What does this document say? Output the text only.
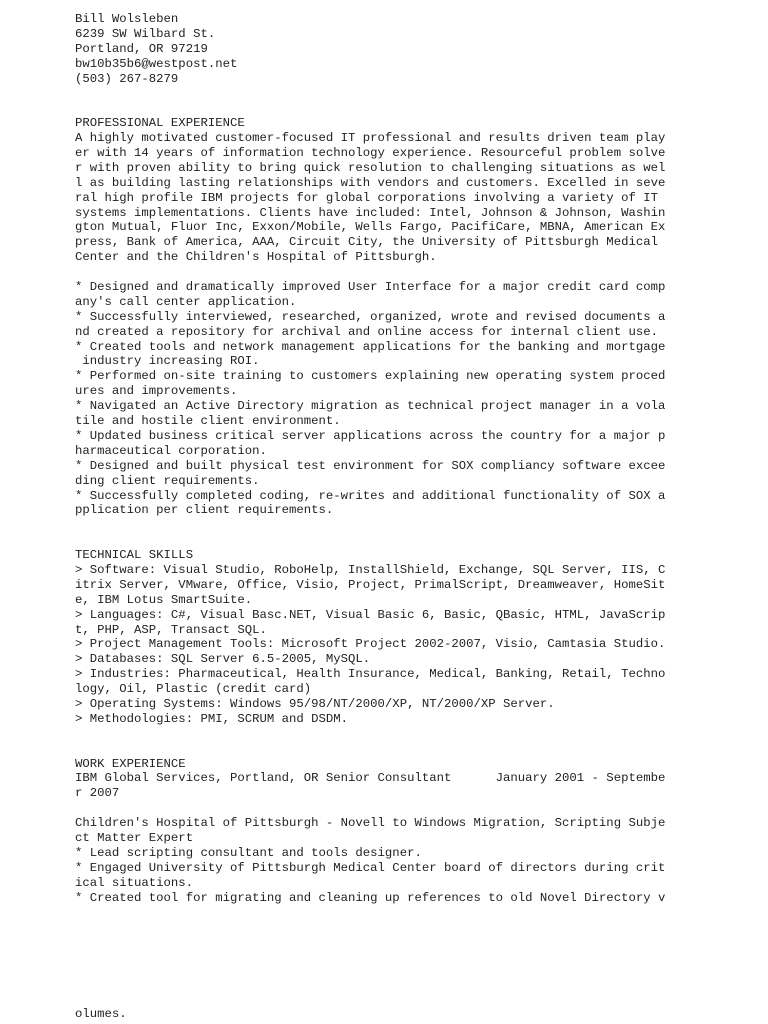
Bill Wolsleben
6239 SW Wilbard St.
Portland, OR 97219
bw10b35b6@westpost.net
(503) 267-8279
PROFESSIONAL EXPERIENCE
A highly motivated customer-focused IT professional and results driven team play
er with 14 years of information technology experience. Resourceful problem solve
r with proven ability to bring quick resolution to challenging situations as wel
l as building lasting relationships with vendors and customers. Excelled in seve
ral high profile IBM projects for global corporations involving a variety of IT
systems implementations. Clients have included: Intel, Johnson & Johnson, Washin
gton Mutual, Fluor Inc, Exxon/Mobile, Wells Fargo, PacifiCare, MBNA, American Ex
press, Bank of America, AAA, Circuit City, the University of Pittsburgh Medical
Center and the Children's Hospital of Pittsburgh.
* Designed and dramatically improved User Interface for a major credit card comp
any's call center application.
* Successfully interviewed, researched, organized, wrote and revised documents a
nd created a repository for archival and online access for internal client use.
* Created tools and network management applications for the banking and mortgage
industry increasing ROI.
* Performed on-site training to customers explaining new operating system proced
ures and improvements.
* Navigated an Active Directory migration as technical project manager in a vola
tile and hostile client environment.
* Updated business critical server applications across the country for a major p
harmaceutical corporation.
* Designed and built physical test environment for SOX compliancy software excee
ding client requirements.
* Successfully completed coding, re-writes and additional functionality of SOX a
pplication per client requirements.
TECHNICAL SKILLS
> Software: Visual Studio, RoboHelp, InstallShield, Exchange, SQL Server, IIS, C
itrix Server, VMware, Office, Visio, Project, PrimalScript, Dreamweaver, HomeSit
e, IBM Lotus SmartSuite.
> Languages: C#, Visual Basc.NET, Visual Basic 6, Basic, QBasic, HTML, JavaScrip
t, PHP, ASP, Transact SQL.
> Project Management Tools: Microsoft Project 2002-2007, Visio, Camtasia Studio.
> Databases: SQL Server 6.5-2005, MySQL.
> Industries: Pharmaceutical, Health Insurance, Medical, Banking, Retail, Techno
logy, Oil, Plastic (credit card)
> Operating Systems: Windows 95/98/NT/2000/XP, NT/2000/XP Server.
> Methodologies: PMI, SCRUM and DSDM.
WORK EXPERIENCE
IBM Global Services, Portland, OR Senior Consultant      January 2001 - Septembe
r 2007
Children's Hospital of Pittsburgh - Novell to Windows Migration, Scripting Subje
ct Matter Expert
* Lead scripting consultant and tools designer.
* Engaged University of Pittsburgh Medical Center board of directors during crit
ical situations.
* Created tool for migrating and cleaning up references to old Novel Directory v
olumes.
